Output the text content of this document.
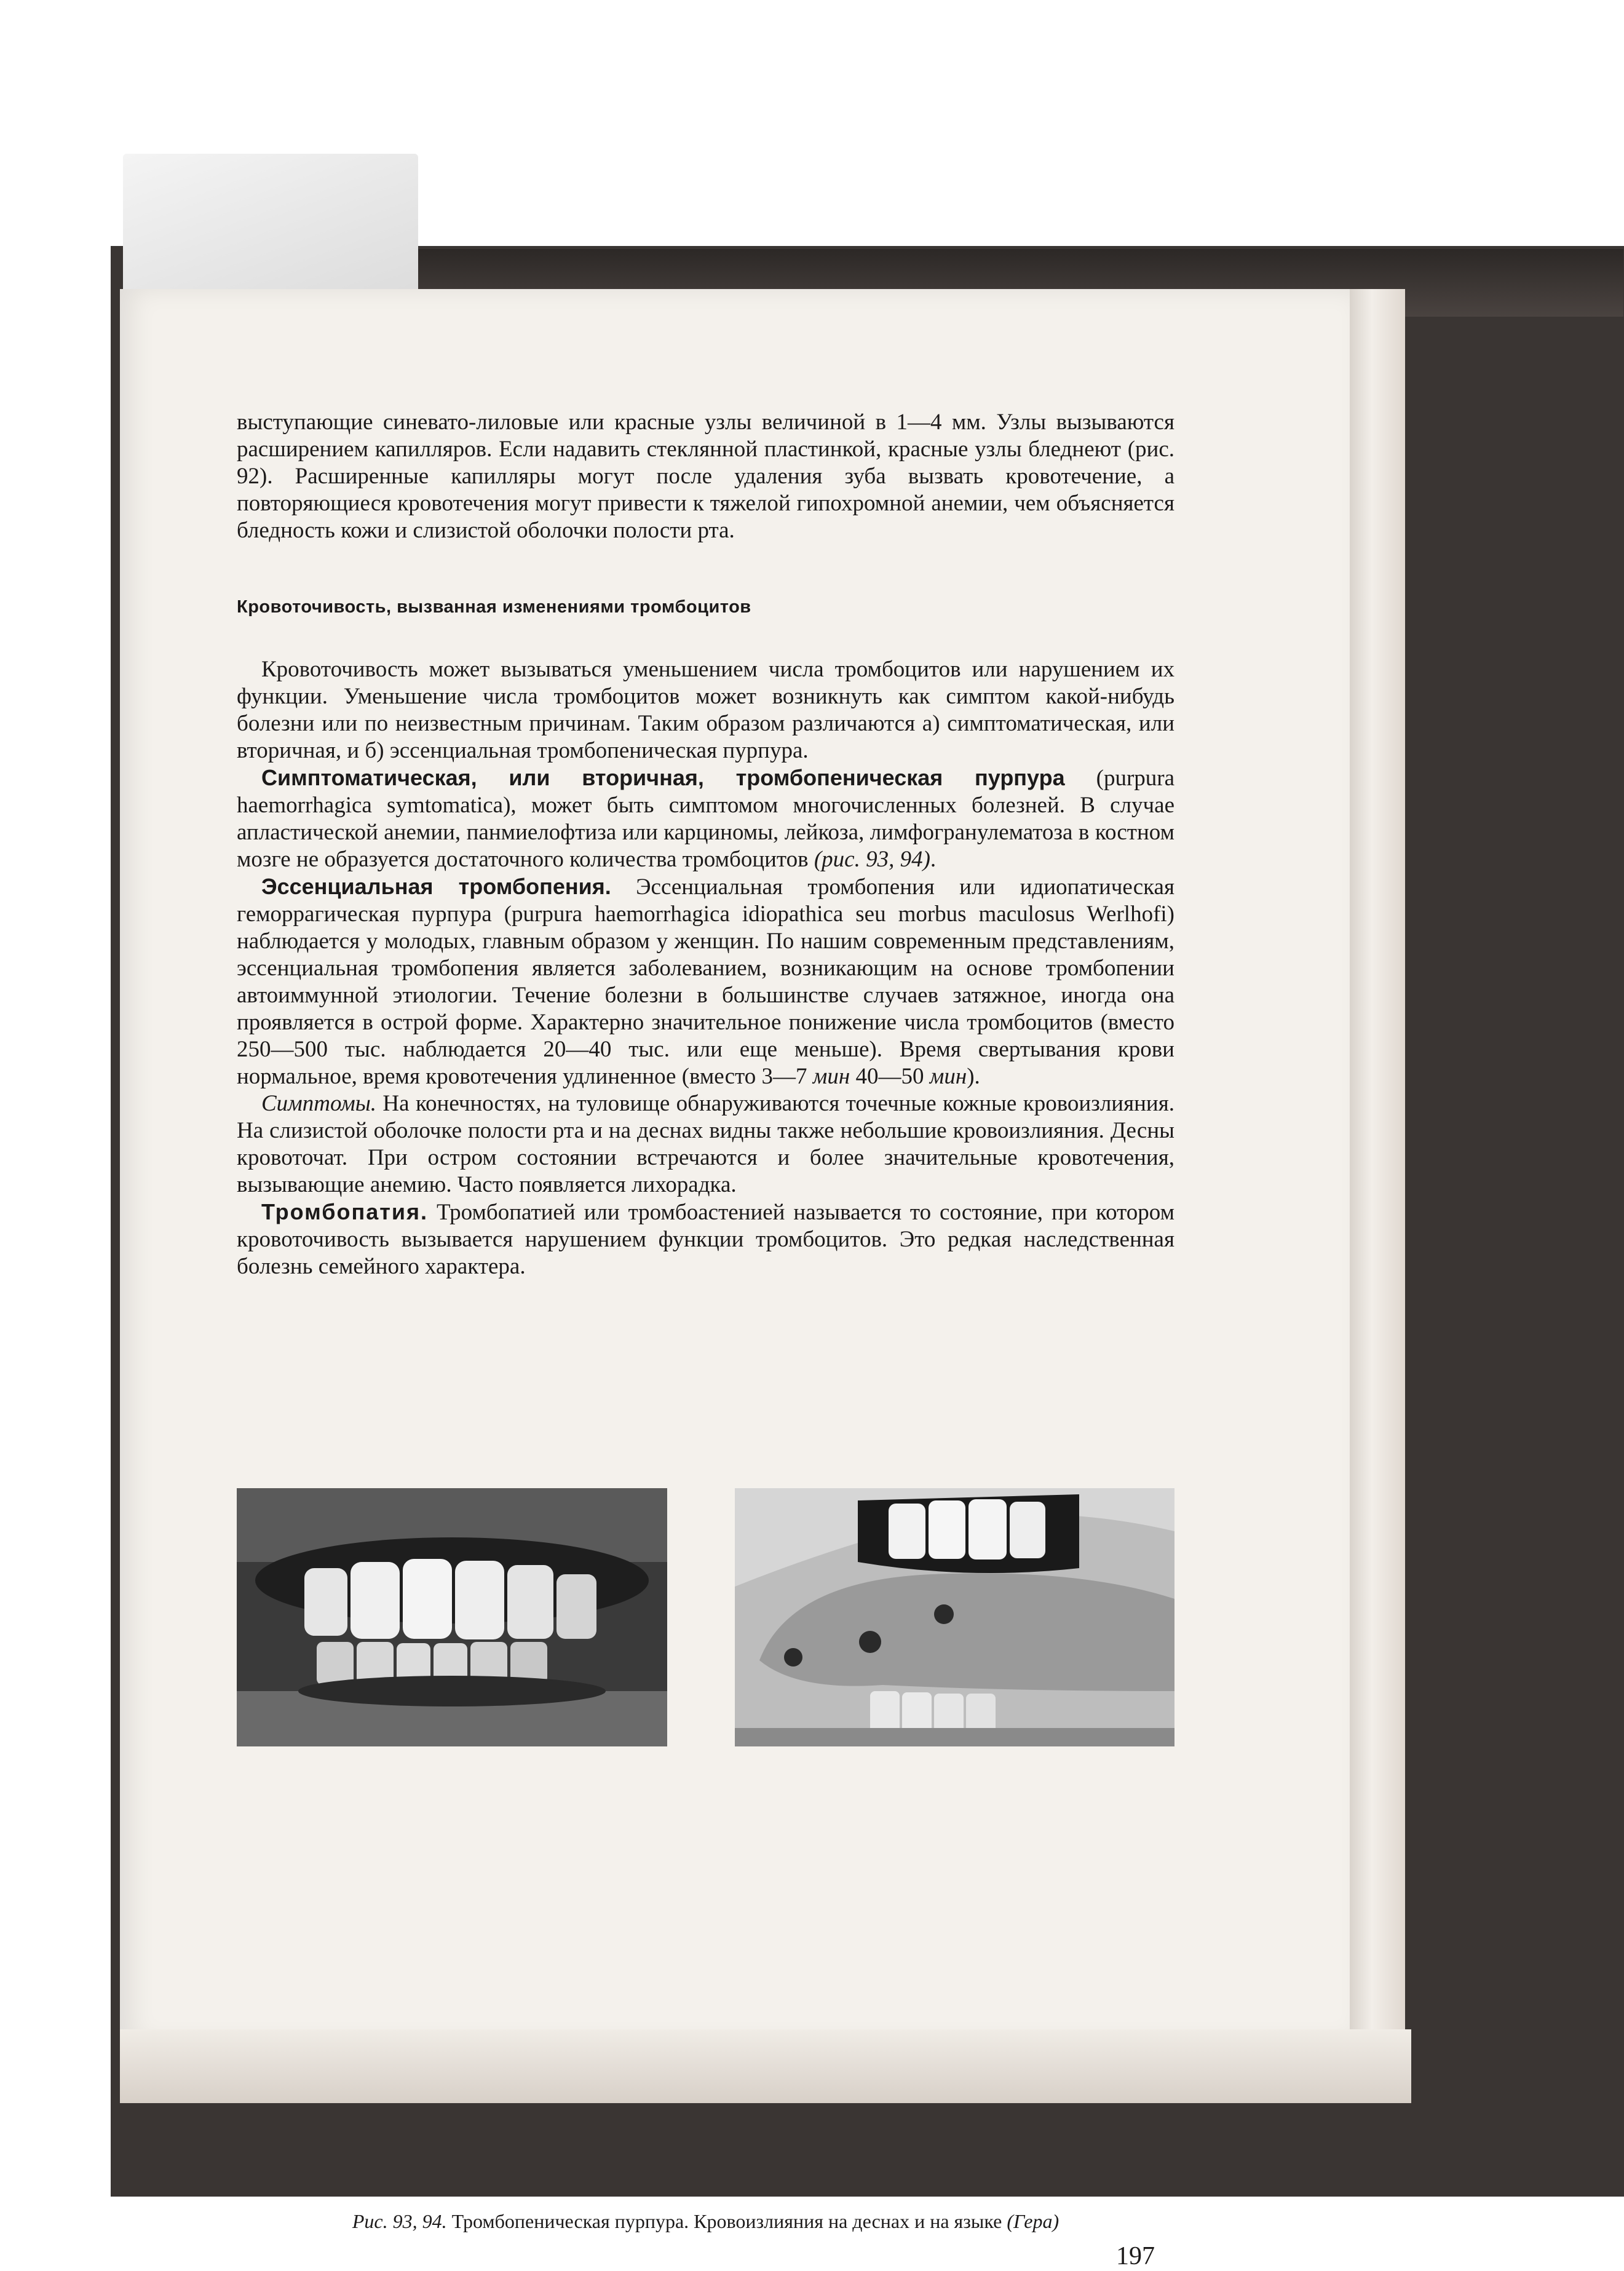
выступающие синевато-лиловые или красные узлы величиной в 1—4 мм. Узлы вызываются расширением капилляров. Если надавить стеклянной пластинкой, красные узлы бледнеют (рис. 92). Расширенные капилляры могут после удаления зуба вызвать кровотечение, а повторяющиеся кровотечения могут привести к тяжелой гипохромной анемии, чем объясняется бледность кожи и слизистой оболочки полости рта.

Кровоточивость, вызванная изменениями тромбоцитов

Кровоточивость может вызываться уменьшением числа тромбоцитов или нарушением их функции. Уменьшение числа тромбоцитов может возникнуть как симптом какой-нибудь болезни или по неизвестным причинам. Таким образом различаются а) симптоматическая, или вторичная, и б) эссенциальная тромбопеническая пурпура.

Симптоматическая, или вторичная, тромбопеническая пурпура (purpura haemorrhagica symtomatica), может быть симптомом многочисленных болезней. В случае апластической анемии, панмиелофтиза или карциномы, лейкоза, лимфогранулематоза в костном мозге не образуется достаточного количества тромбоцитов (рис. 93, 94).

Эссенциальная тромбопения. Эссенциальная тромбопения или идиопатическая геморрагическая пурпура (purpura haemorrhagica idiopathica seu morbus maculosus Werlhofi) наблюдается у молодых, главным образом у женщин. По нашим современным представлениям, эссенциальная тромбопения является заболеванием, возникающим на основе тромбопении автоиммунной этиологии. Течение болезни в большинстве случаев затяжное, иногда она проявляется в острой форме. Характерно значительное понижение числа тромбоцитов (вместо 250—500 тыс. наблюдается 20—40 тыс. или еще меньше). Время свертывания крови нормальное, время кровотечения удлиненное (вместо 3—7 мин 40—50 мин).

Симптомы. На конечностях, на туловище обнаруживаются точечные кожные кровоизлияния. На слизистой оболочке полости рта и на деснах видны также небольшие кровоизлияния. Десны кровоточат. При остром состоянии встречаются и более значительные кровотечения, вызывающие анемию. Часто появляется лихорадка.

Тромбопатия. Тромбопатией или тромбоастенией называется то состояние, при котором кровоточивость вызывается нарушением функции тромбоцитов. Это редкая наследственная болезнь семейного характера.

Рис. 93, 94. Тромбопеническая пурпура. Кровоизлияния на деснах и на языке (Гера)
197
